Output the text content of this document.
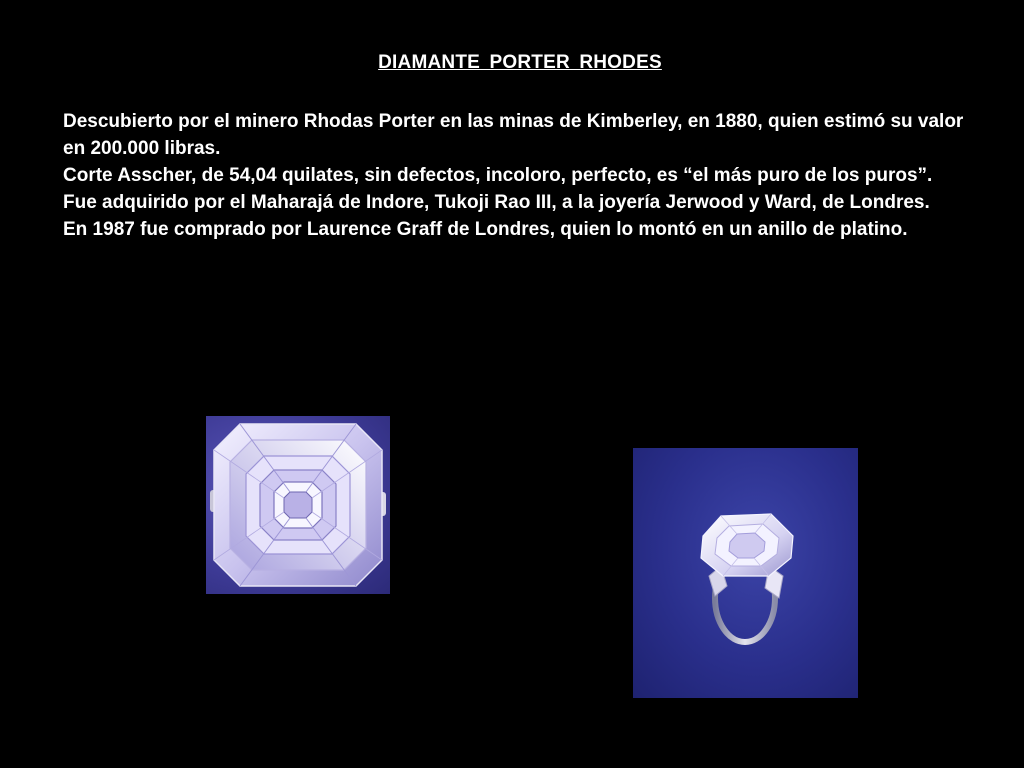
DIAMANTE PORTER RHODES

Descubierto por el minero Rhodas Porter en las minas de Kimberley, en 1880, quien estimó su valor en 200.000 libras.

Corte Asscher, de 54,04 quilates, sin defectos, incoloro, perfecto, es “el más puro de los puros”.

Fue adquirido por el Maharajá de Indore, Tukoji Rao III, a la joyería Jerwood y Ward, de Londres.

En 1987 fue comprado por Laurence Graff de Londres, quien lo montó en un anillo de platino.
